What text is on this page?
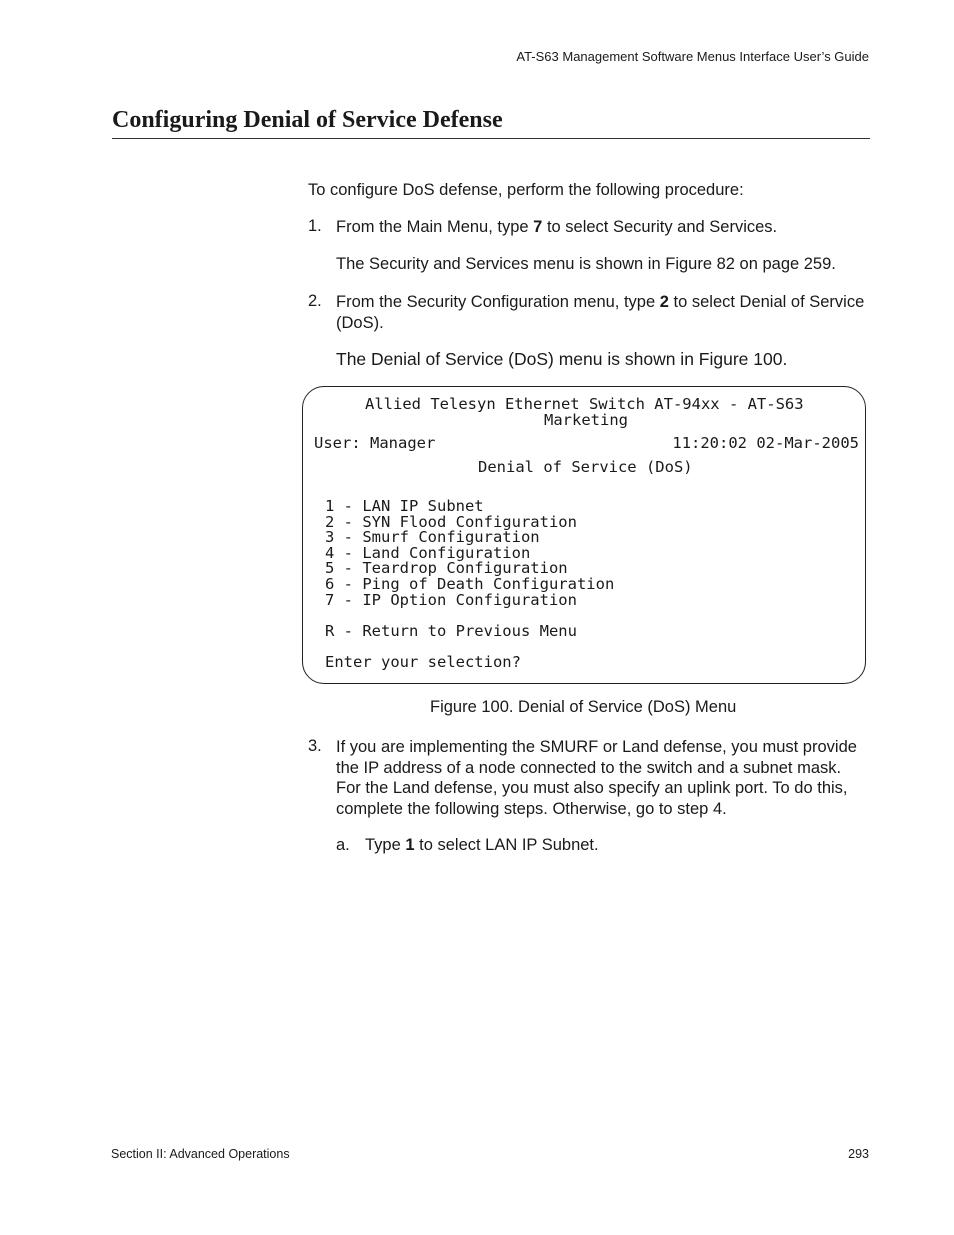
AT-S63 Management Software Menus Interface User’s Guide
Configuring Denial of Service Defense
To configure DoS defense, perform the following procedure:
1. From the Main Menu, type 7 to select Security and Services.
The Security and Services menu is shown in Figure 82 on page 259.
2. From the Security Configuration menu, type 2 to select Denial of Service (DoS).
The Denial of Service (DoS) menu is shown in Figure 100.
Allied Telesyn Ethernet Switch AT-94xx - AT-S63
Marketing
User: Manager	11:20:02 02-Mar-2005
Denial of Service (DoS)
1 - LAN IP Subnet
2 - SYN Flood Configuration
3 - Smurf Configuration
4 - Land Configuration
5 - Teardrop Configuration
6 - Ping of Death Configuration
7 - IP Option Configuration
R - Return to Previous Menu
Enter your selection?
Figure 100. Denial of Service (DoS) Menu
3. If you are implementing the SMURF or Land defense, you must provide the IP address of a node connected to the switch and a subnet mask. For the Land defense, you must also specify an uplink port. To do this, complete the following steps. Otherwise, go to step 4.
a. Type 1 to select LAN IP Subnet.
Section II: Advanced Operations	293
